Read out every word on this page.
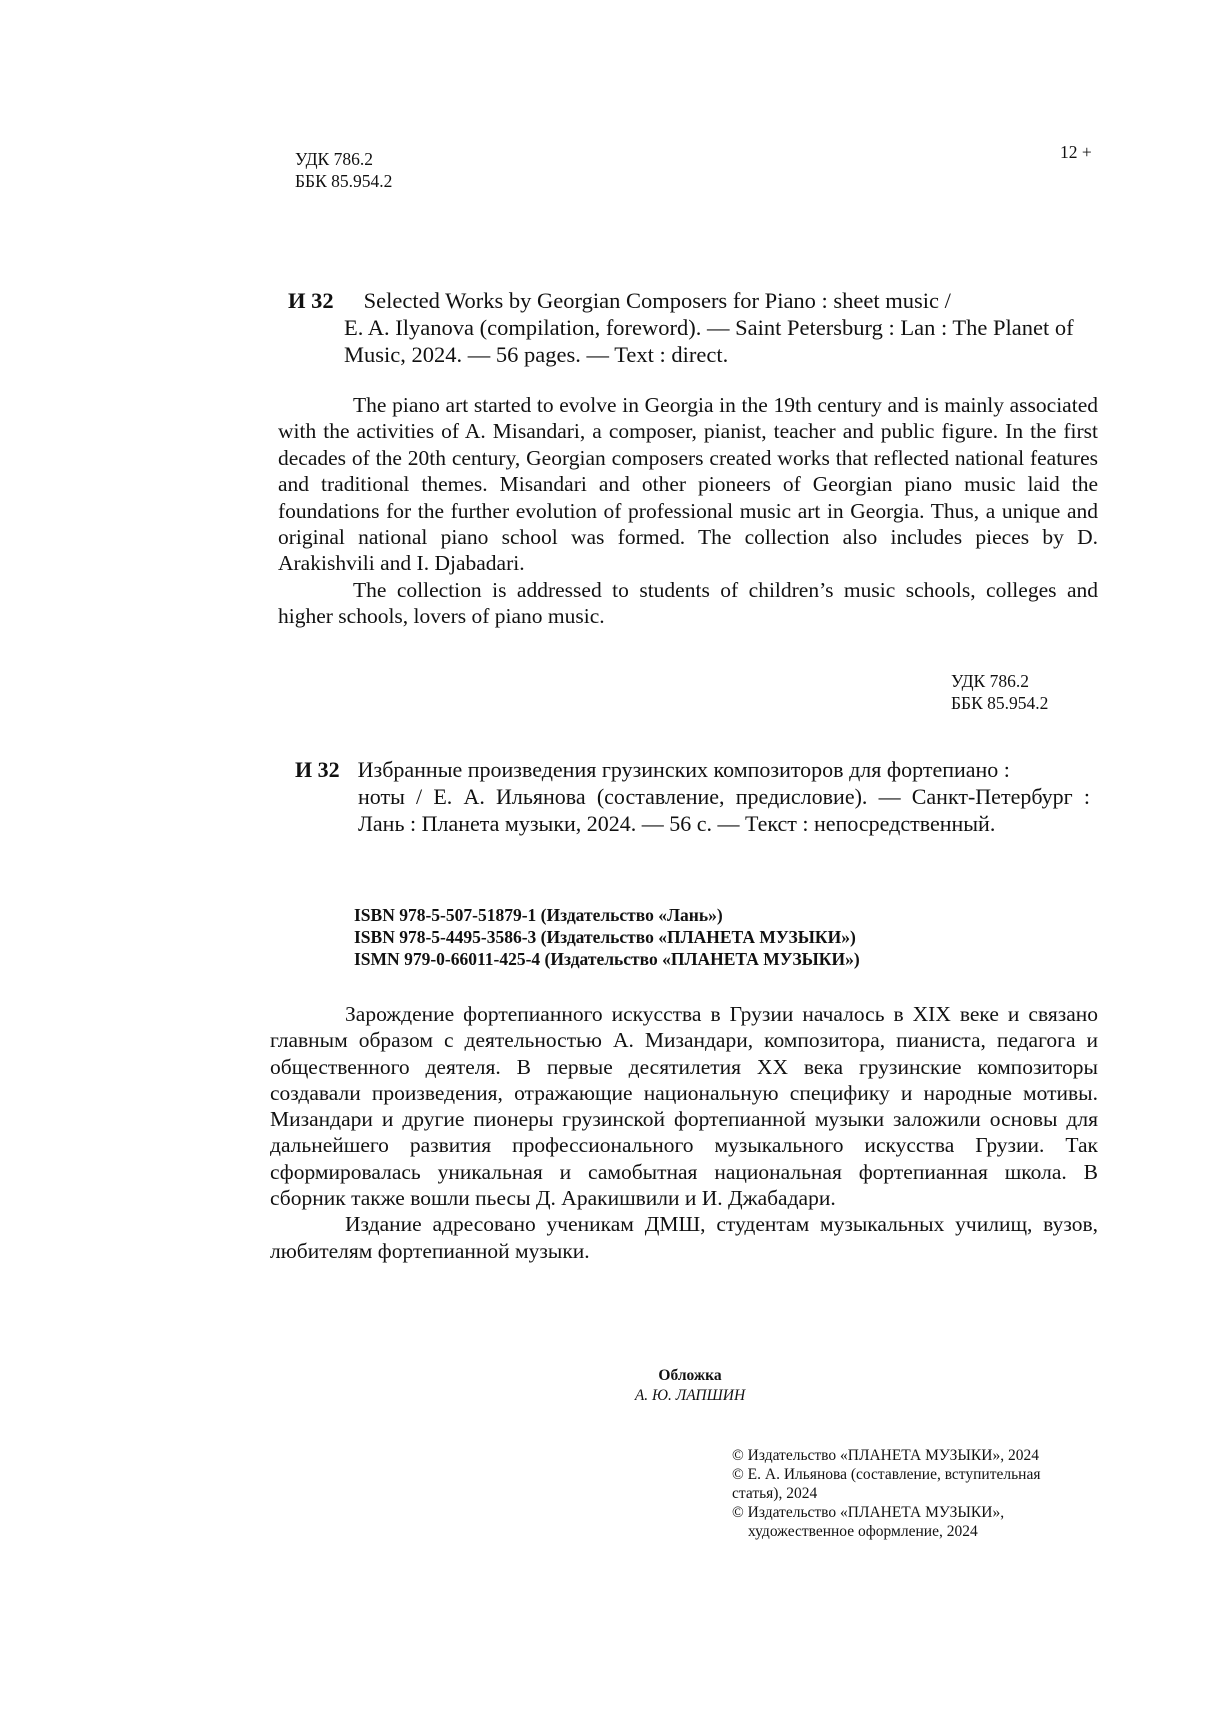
УДК 786.2
ББК 85.954.2
12 +
И 32 Selected Works by Georgian Composers for Piano : sheet music /
E. A. Ilyanova (compilation, foreword). — Saint Petersburg : Lan : The Planet of Music, 2024. — 56 pages. — Text : direct.

The piano art started to evolve in Georgia in the 19th century and is mainly associated with the activities of A. Misandari, a composer, pianist, teacher and public figure. In the first decades of the 20th century, Georgian composers created works that reflected national features and traditional themes. Misandari and other pioneers of Georgian piano music laid the foundations for the further evolution of professional music art in Georgia. Thus, a unique and original national piano school was formed. The collection also includes pieces by D. Arakishvili and I. Djabadari.

The collection is addressed to students of children’s music schools, colleges and higher schools, lovers of piano music.

УДК 786.2
ББК 85.954.2
И 32 Избранные произведения грузинских композиторов для фортепиано :
ноты / Е. А. Ильянова (составление, предисловие). — Санкт-Петербург : Лань : Планета музыки, 2024. — 56 с. — Текст : непосредственный.
ISBN 978-5-507-51879-1 (Издательство «Лань»)
ISBN 978-5-4495-3586-3 (Издательство «ПЛАНЕТА МУЗЫКИ»)
ISMN 979-0-66011-425-4 (Издательство «ПЛАНЕТА МУЗЫКИ»)

Зарождение фортепианного искусства в Грузии началось в XIX веке и связано главным образом с деятельностью А. Мизандари, композитора, пианиста, педагога и общественного деятеля. В первые десятилетия XX века грузинские композиторы создавали произведения, отражающие национальную специфику и народные мотивы. Мизандари и другие пионеры грузинской фортепианной музыки заложили основы для дальнейшего развития профессионального музыкального искусства Грузии. Так сформировалась уникальная и самобытная национальная фортепианная школа. В сборник также вошли пьесы Д. Аракишвили и И. Джабадари.

Издание адресовано ученикам ДМШ, студентам музыкальных училищ, вузов, любителям фортепианной музыки.

Обложка
А. Ю. ЛАПШИН

© Издательство «ПЛАНЕТА МУЗЫКИ», 2024

© Е. А. Ильянова (составление, вступительная статья), 2024

© Издательство «ПЛАНЕТА МУЗЫКИ»,

художественное оформление, 2024
